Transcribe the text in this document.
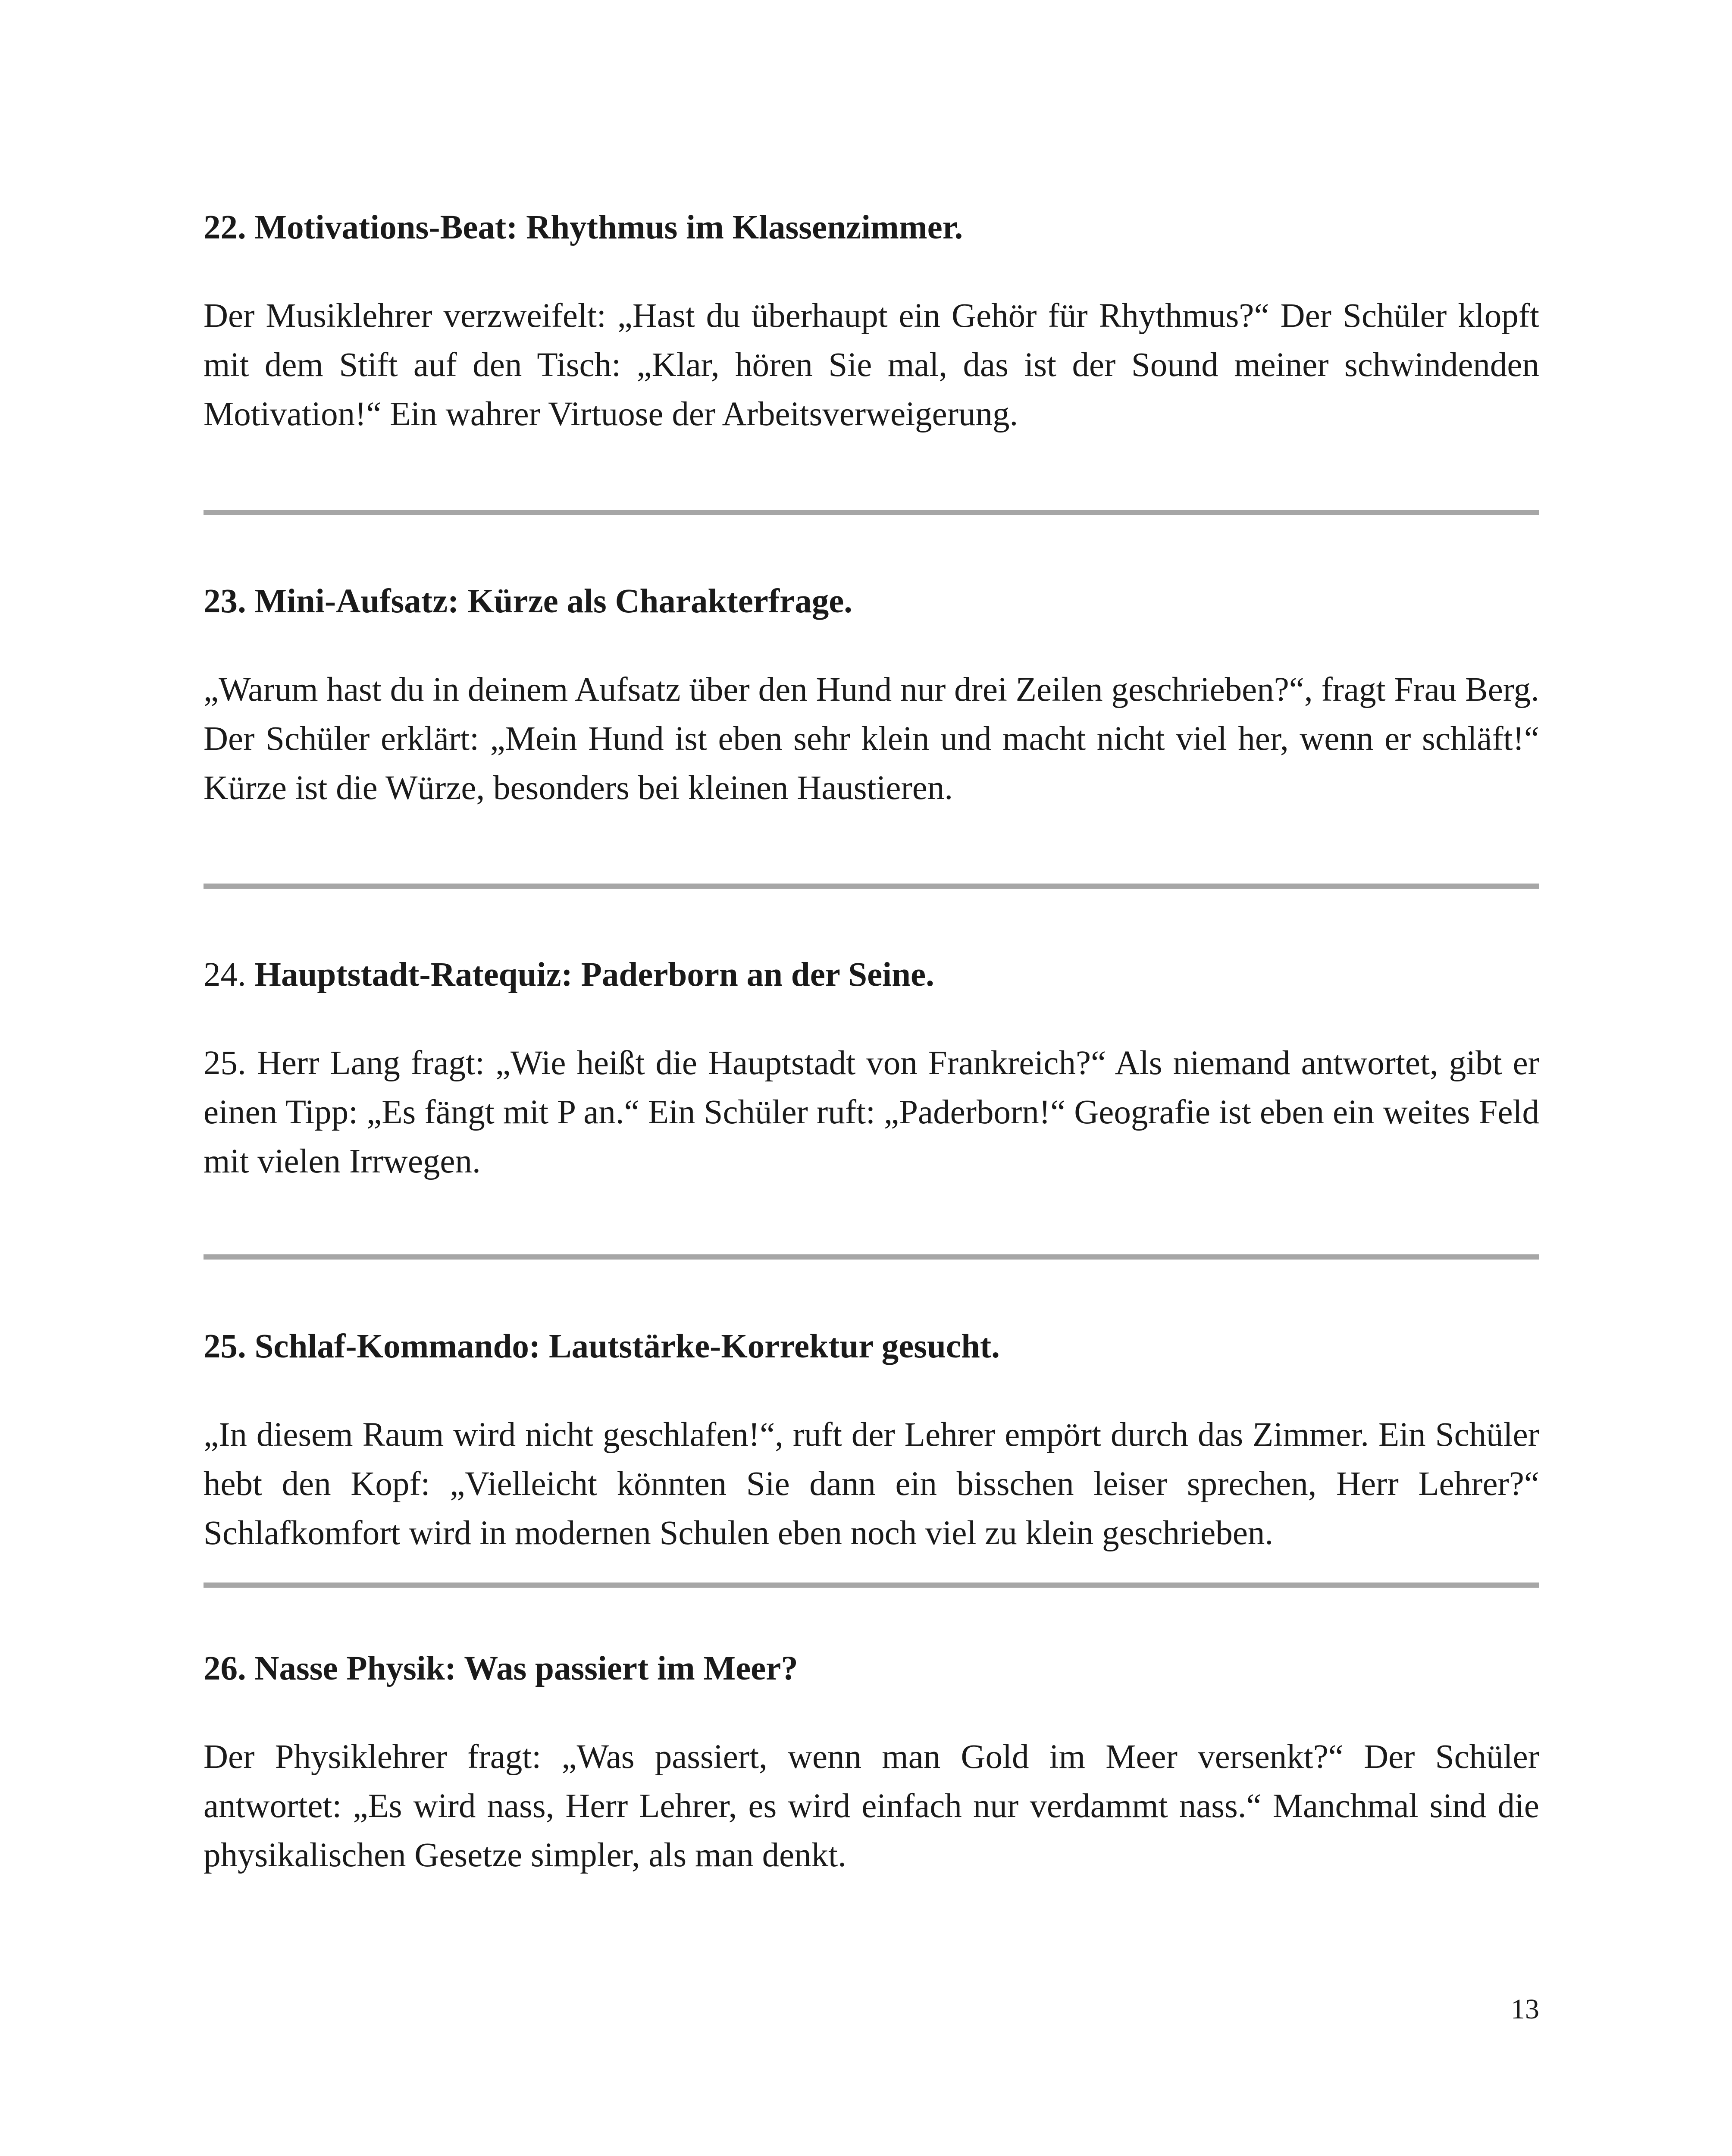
22. Motivations-Beat: Rhythmus im Klassenzimmer.

Der Musiklehrer verzweifelt: „Hast du überhaupt ein Gehör für Rhythmus?“ Der Schüler klopft mit dem Stift auf den Tisch: „Klar, hören Sie mal, das ist der Sound meiner schwindenden Motivation!“ Ein wahrer Virtuose der Arbeitsverweigerung.

23. Mini-Aufsatz: Kürze als Charakterfrage.

„Warum hast du in deinem Aufsatz über den Hund nur drei Zeilen geschrieben?“, fragt Frau Berg. Der Schüler erklärt: „Mein Hund ist eben sehr klein und macht nicht viel her, wenn er schläft!“ Kürze ist die Würze, besonders bei kleinen Haustieren.

24. Hauptstadt-Ratequiz: Paderborn an der Seine.

25. Herr Lang fragt: „Wie heißt die Hauptstadt von Frankreich?“ Als niemand antwortet, gibt er einen Tipp: „Es fängt mit P an.“ Ein Schüler ruft: „Paderborn!“ Geografie ist eben ein weites Feld mit vielen Irrwegen.

25. Schlaf-Kommando: Lautstärke-Korrektur gesucht.

„In diesem Raum wird nicht geschlafen!“, ruft der Lehrer empört durch das Zimmer. Ein Schüler hebt den Kopf: „Vielleicht könnten Sie dann ein bisschen leiser sprechen, Herr Lehrer?“ Schlafkomfort wird in modernen Schulen eben noch viel zu klein geschrieben.

26. Nasse Physik: Was passiert im Meer?

Der Physiklehrer fragt: „Was passiert, wenn man Gold im Meer versenkt?“ Der Schüler antwortet: „Es wird nass, Herr Lehrer, es wird einfach nur verdammt nass.“ Manchmal sind die physikalischen Gesetze simpler, als man denkt.

13
